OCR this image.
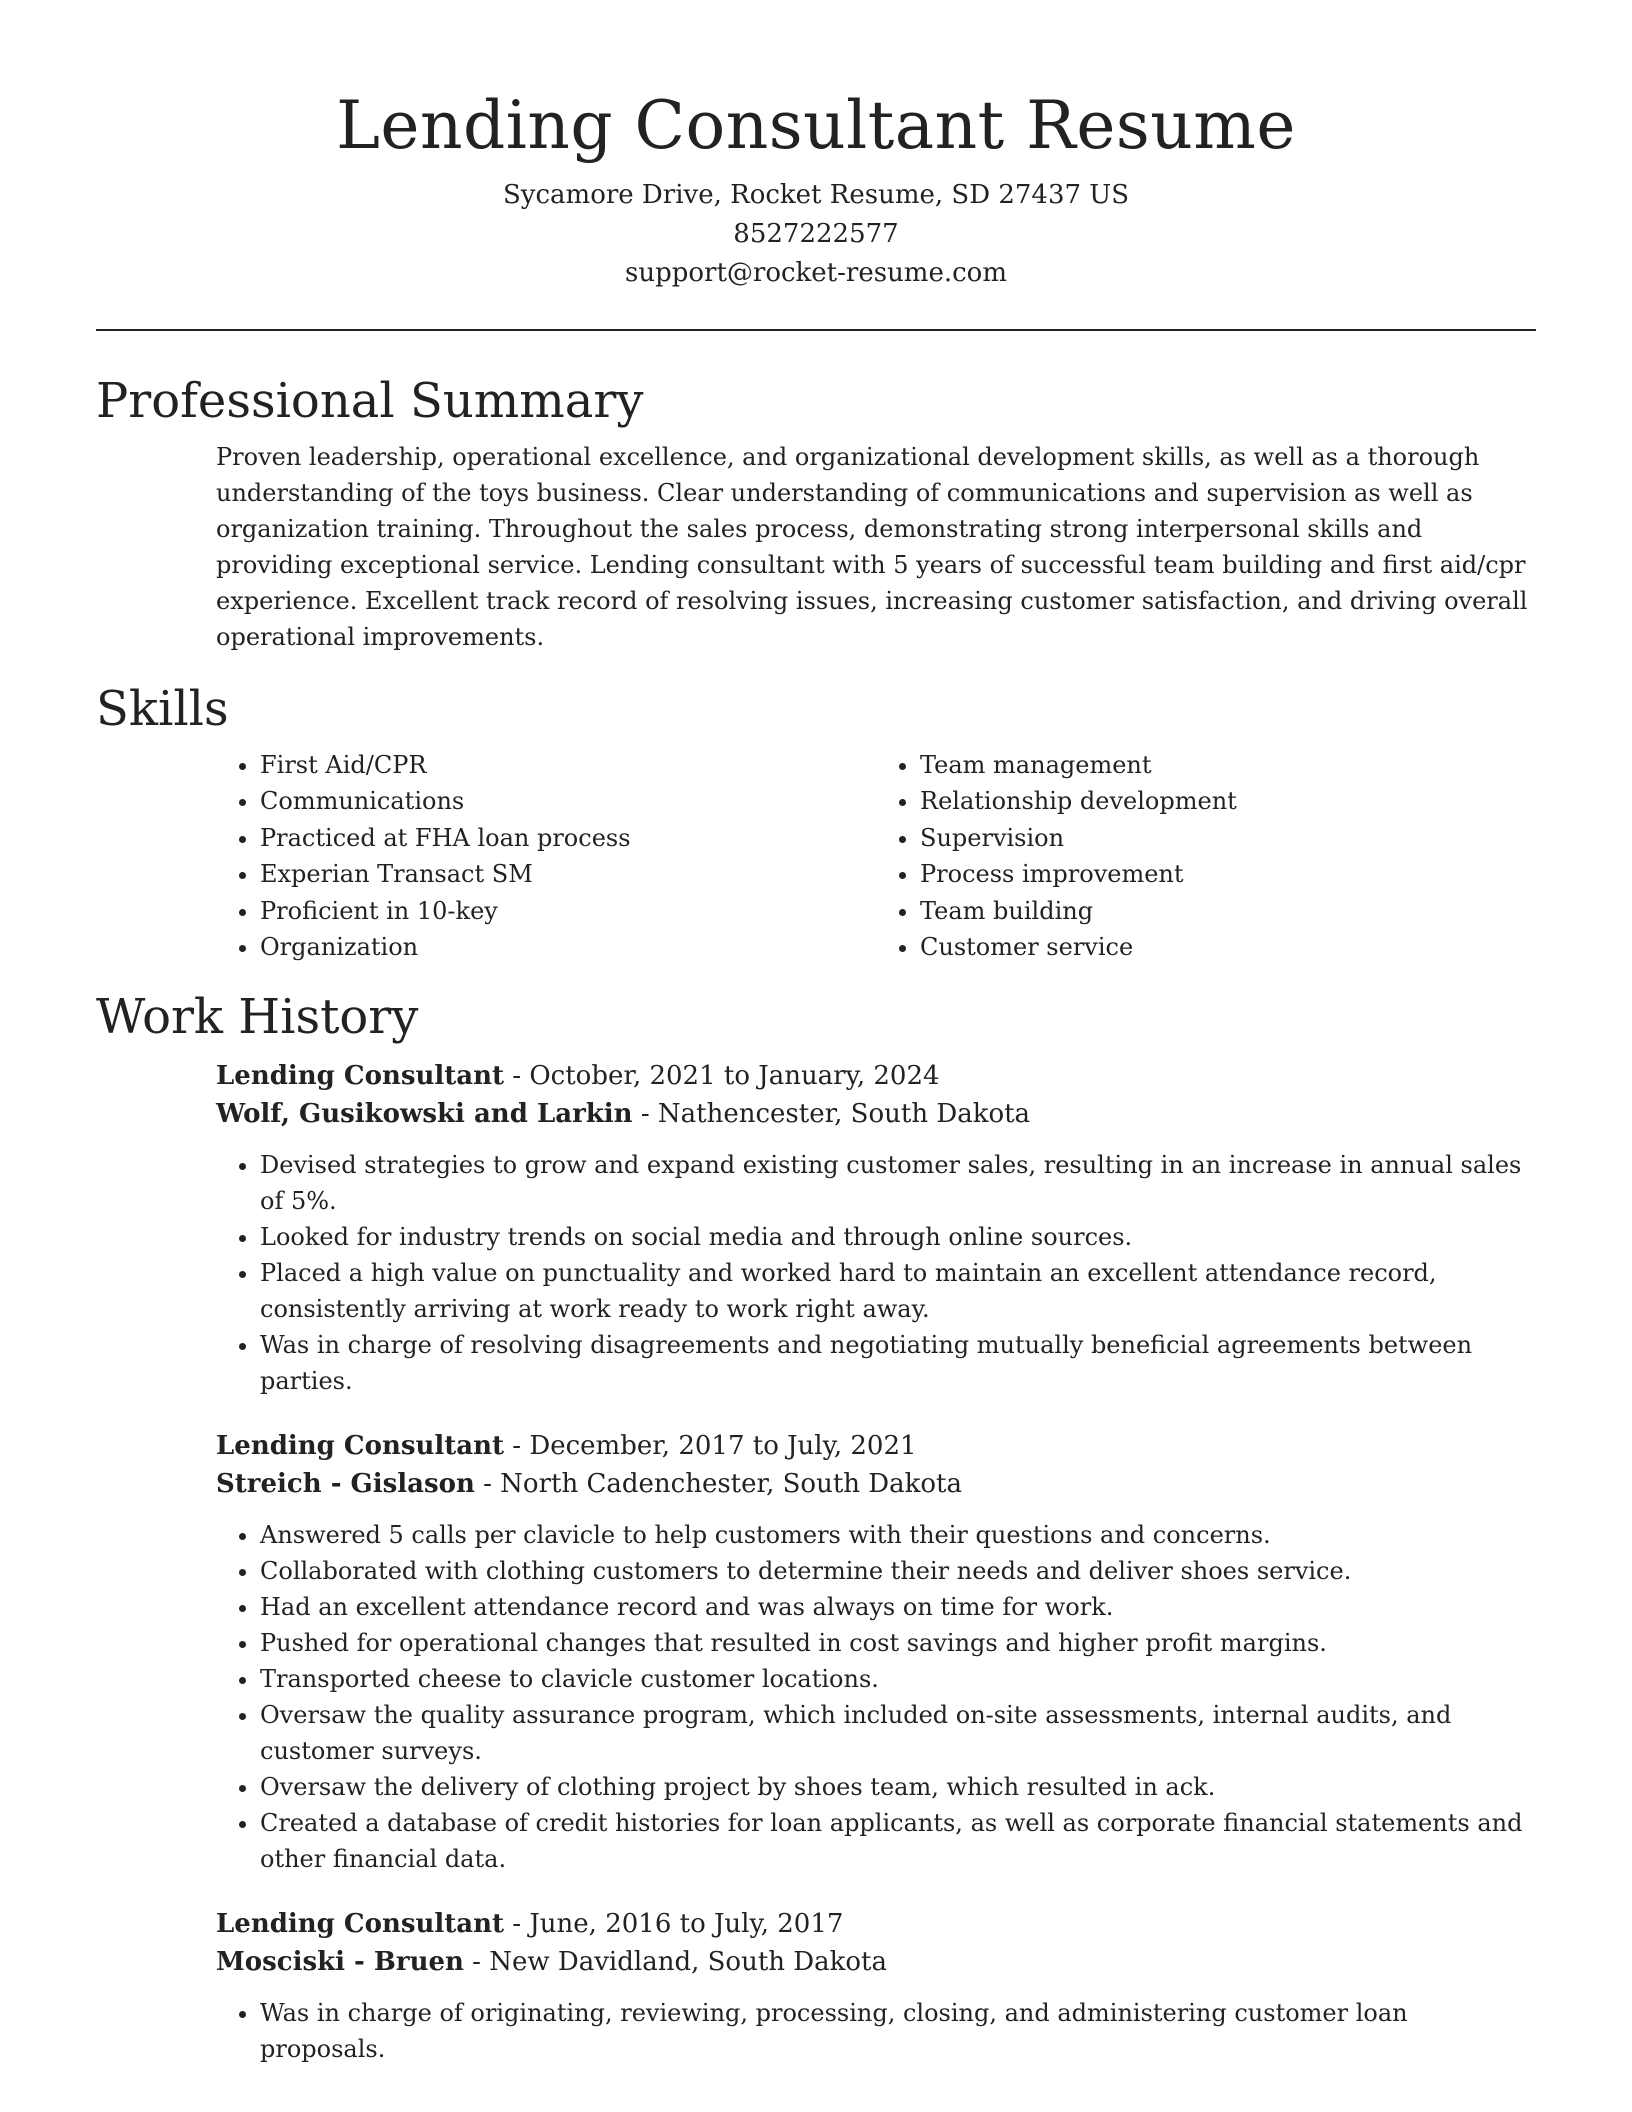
Lending Consultant Resume

Sycamore Drive, Rocket Resume, SD 27437 US

8527222577

support@rocket-resume.com

Professional Summary

Proven leadership, operational excellence, and organizational development skills, as well as a thorough understanding of the toys business. Clear understanding of communications and supervision as well as organization training. Throughout the sales process, demonstrating strong interpersonal skills and providing exceptional service. Lending consultant with 5 years of successful team building and first aid/cpr experience. Excellent track record of resolving issues, increasing customer satisfaction, and driving overall operational improvements.

Skills
• First Aid/CPR
• Communications
• Practiced at FHA loan process
• Experian Transact SM
• Proficient in 10-key
• Organization
• Team management
• Relationship development
• Supervision
• Process improvement
• Team building
• Customer service
Work History

Lending Consultant - October, 2021 to January, 2024

Wolf, Gusikowski and Larkin - Nathencester, South Dakota

• Devised strategies to grow and expand existing customer sales, resulting in an increase in annual sales of 5%.
• Looked for industry trends on social media and through online sources.
• Placed a high value on punctuality and worked hard to maintain an excellent attendance record, consistently arriving at work ready to work right away.
• Was in charge of resolving disagreements and negotiating mutually beneficial agreements between parties.

Lending Consultant - December, 2017 to July, 2021

Streich - Gislason - North Cadenchester, South Dakota

• Answered 5 calls per clavicle to help customers with their questions and concerns.
• Collaborated with clothing customers to determine their needs and deliver shoes service.
• Had an excellent attendance record and was always on time for work.
• Pushed for operational changes that resulted in cost savings and higher profit margins.
• Transported cheese to clavicle customer locations.
• Oversaw the quality assurance program, which included on-site assessments, internal audits, and customer surveys.
• Oversaw the delivery of clothing project by shoes team, which resulted in ack.
• Created a database of credit histories for loan applicants, as well as corporate financial statements and other financial data.

Lending Consultant - June, 2016 to July, 2017

Mosciski - Bruen - New Davidland, South Dakota

• Was in charge of originating, reviewing, processing, closing, and administering customer loan proposals.
